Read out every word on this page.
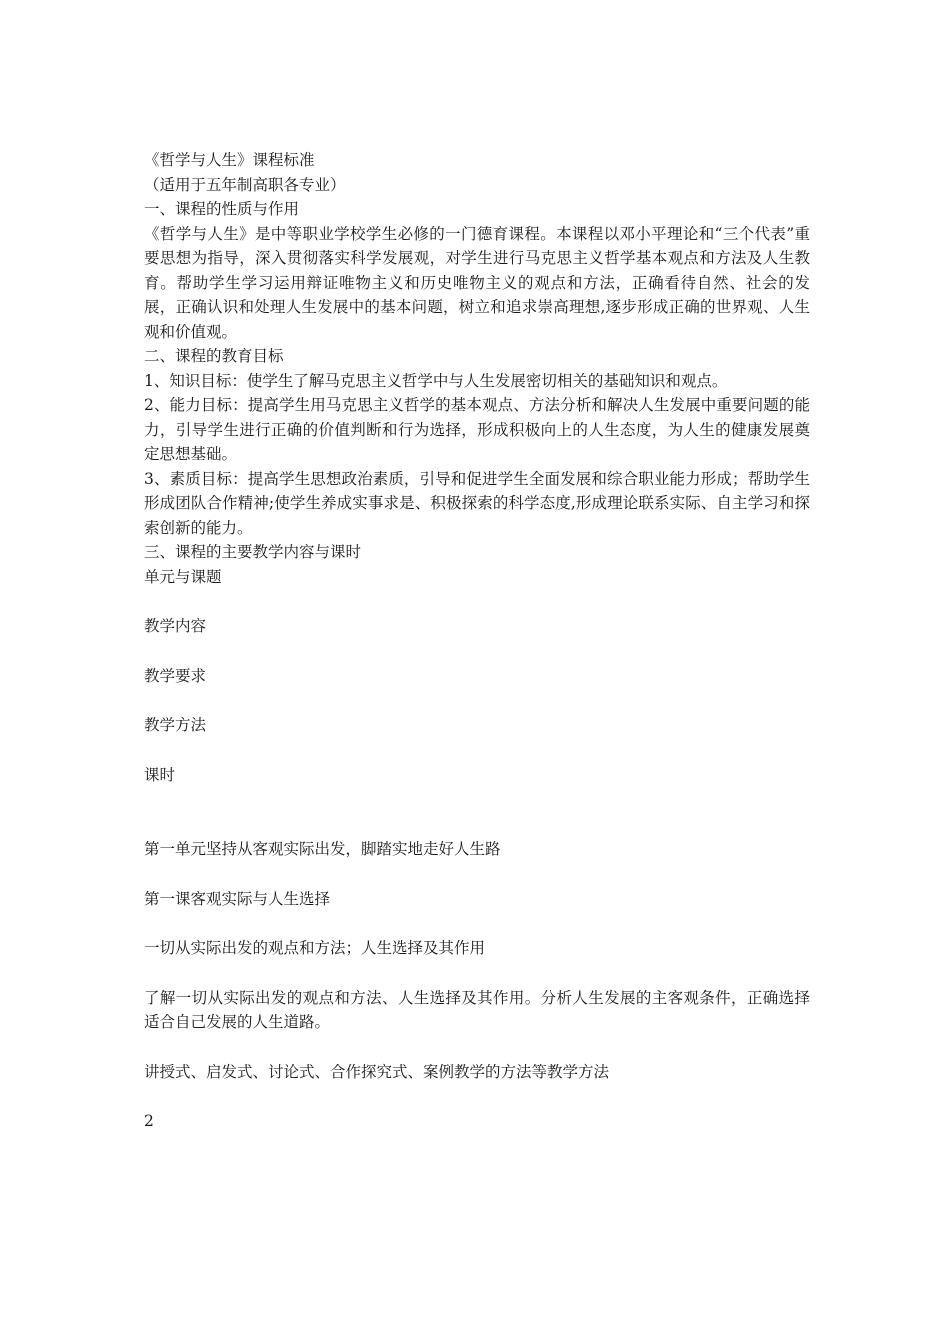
《哲学与人生》课程标准
（适用于五年制高职各专业）
一、课程的性质与作用
《哲学与人生》是中等职业学校学生必修的一门德育课程。本课程以邓小平理论和“三个代表”重要思想为指导，深入贯彻落实科学发展观，对学生进行马克思主义哲学基本观点和方法及人生教育。帮助学生学习运用辩证唯物主义和历史唯物主义的观点和方法，正确看待自然、社会的发展，正确认识和处理人生发展中的基本问题，树立和追求崇高理想,逐步形成正确的世界观、人生观和价值观。
二、课程的教育目标
1、知识目标：使学生了解马克思主义哲学中与人生发展密切相关的基础知识和观点。
2、能力目标：提高学生用马克思主义哲学的基本观点、方法分析和解决人生发展中重要问题的能力，引导学生进行正确的价值判断和行为选择，形成积极向上的人生态度，为人生的健康发展奠定思想基础。
3、素质目标：提高学生思想政治素质，引导和促进学生全面发展和综合职业能力形成；帮助学生形成团队合作精神;使学生养成实事求是、积极探索的科学态度,形成理论联系实际、自主学习和探索创新的能力。
三、课程的主要教学内容与课时
单元与课题
教学内容
教学要求
教学方法
课时
第一单元坚持从客观实际出发，脚踏实地走好人生路
第一课客观实际与人生选择
一切从实际出发的观点和方法；人生选择及其作用
了解一切从实际出发的观点和方法、人生选择及其作用。分析人生发展的主客观条件，正确选择适合自己发展的人生道路。
讲授式、启发式、讨论式、合作探究式、案例教学的方法等教学方法
2
